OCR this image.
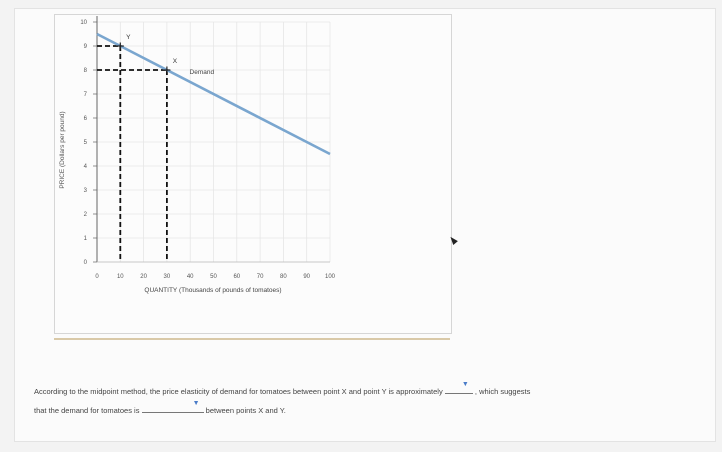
0	10	20	30	40	50	60	70	80	90 100
0
1
2
3
4
5
6
7
8
9
10
Demand
Y
X
PRICE (Dollars per pound)
QUANTITY (Thousands of pounds of tomatoes)
According to the midpoint method, the price elasticity of demand for tomatoes between point X and point Y is approximately
▼
, which suggests
that the demand for tomatoes is
▼
between points X and Y.
